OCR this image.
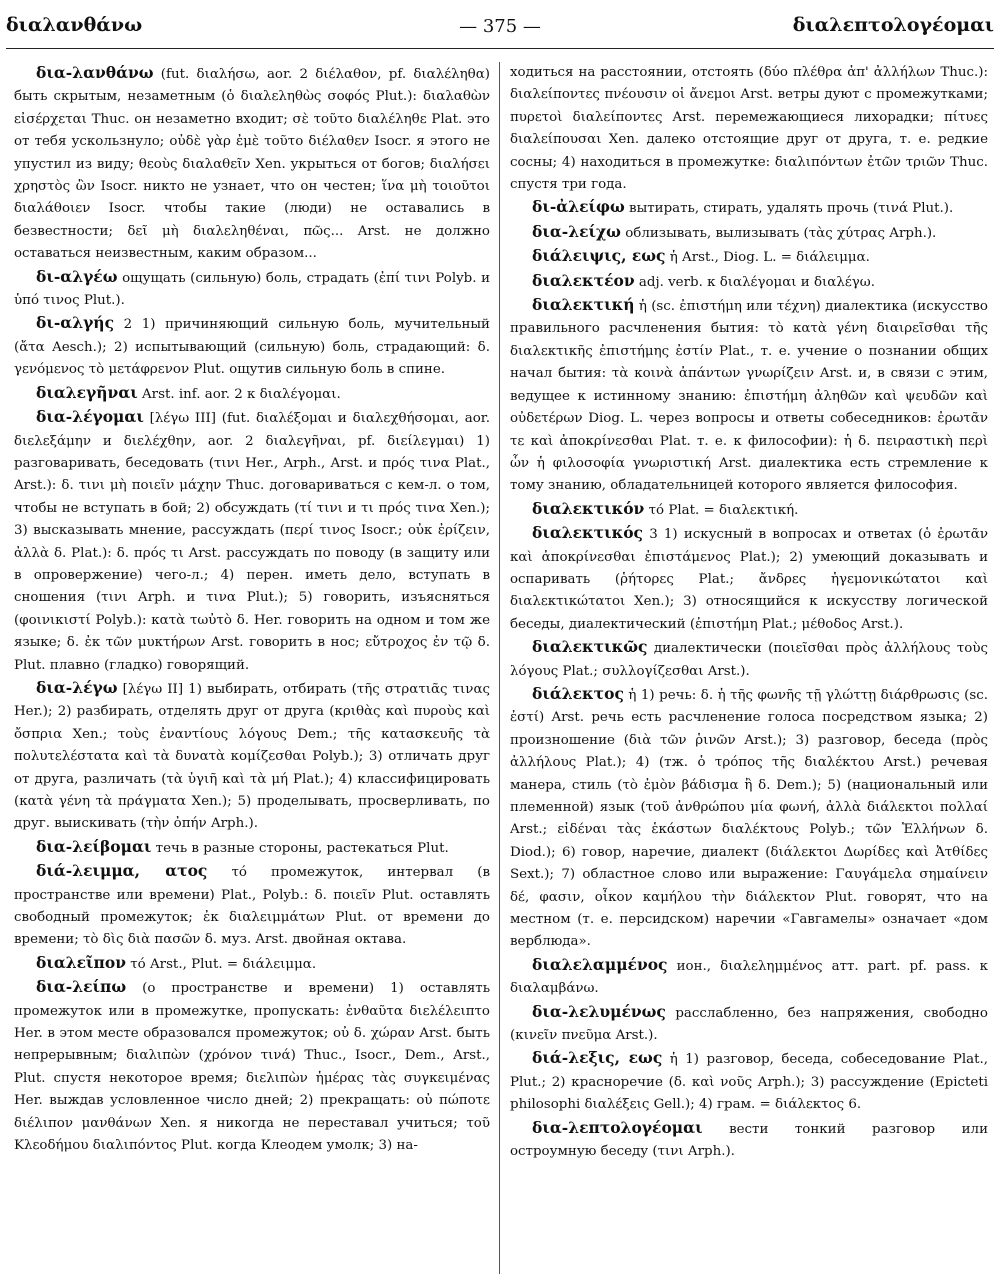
διαλανθάνω	— 375 —	διαλεπτολογέομαι

δια-λανθάνω (fut. διαλήσω, aor. 2 διέλαθον, pf. διαλέληθα) быть скрытым, незаметным (ὁ διαλεληθὼς σοφός Plut.): διαλαθὼν εἰσέρχεται Thuc. он незаметно входит; σὲ τοῦτο διαλέληθε Plat. это от тебя ускользнуло; οὐδὲ γὰρ ἐμὲ τοῦτο διέλαθεν Isocr. я этого не упустил из виду; θεοὺς διαλαθεῖν Xen. укрыться от богов; διαλήσει χρηστὸς ὢν Isocr. никто не узнает, что он честен; ἵνα μὴ τοιοῦτοι διαλάθοιεν Isocr. чтобы такие (люди) не оставались в безвестности; δεῖ μὴ διαλεληθέναι, πῶς... Arst. не должно оставаться неизвестным, каким образом...

δι-αλγέω ощущать (сильную) боль, страдать (ἐπί τινι Polyb. и ὑπό τινος Plut.).

δι-αλγής 2 1) причиняющий сильную боль, мучительный (ἄτα Aesch.); 2) испытывающий (сильную) боль, страдающий: δ. γενόμενος τὸ μετάφρενον Plut. ощутив сильную боль в спине.

διαλεγῆναι Arst. inf. aor. 2 к διαλέγομαι.

δια-λέγομαι [λέγω III] (fut. διαλέξομαι и διαλεχθήσομαι, aor. διελεξάμην и διελέχθην, aor. 2 διαλεγῆναι, pf. διείλεγμαι) 1) разговаривать, беседовать (τινι Her., Arph., Arst. и πρός τινα Plat., Arst.): δ. τινι μὴ ποιεῖν μάχην Thuc. договариваться с кем-л. о том, чтобы не вступать в бой; 2) обсуждать (τί τινι и τι πρός τινα Xen.); 3) высказывать мнение, рассуждать (περί τινος Isocr.; οὐκ ἐρίζειν, ἀλλὰ δ. Plat.): δ. πρός τι Arst. рассуждать по поводу (в защиту или в опровержение) чего-л.; 4) перен. иметь дело, вступать в сношения (τινι Arph. и τινα Plut.); 5) говорить, изъясняться (φοινικιστί Polyb.): κατὰ τωὐτὸ δ. Her. говорить на одном и том же языке; δ. ἐκ τῶν μυκτήρων Arst. говорить в нос; εὔτροχος ἐν τῷ δ. Plut. плавно (гладко) говорящий.

δια-λέγω [λέγω II] 1) выбирать, отбирать (τῆς στρατιᾶς τινας Her.); 2) разбирать, отделять друг от друга (κριθὰς καὶ πυροὺς καὶ ὄσπρια Xen.; τοὺς ἐναντίους λόγους Dem.; τῆς κατασκευῆς τὰ πολυτελέστατα καὶ τὰ δυνατὰ κομίζεσθαι Polyb.); 3) отличать друг от друга, различать (τὰ ὑγιῆ καὶ τὰ μή Plat.); 4) классифицировать (κατὰ γένη τὰ πράγματα Xen.); 5) проделывать, просверливать, по друг. выискивать (τὴν ὀπήν Arph.).

δια-λείβομαι течь в разные стороны, растекаться Plut.

διά-λειμμα, ατος τό промежуток, интервал (в пространстве или времени) Plat., Polyb.: δ. ποιεῖν Plut. оставлять свободный промежуток; ἐκ διαλειμμάτων Plut. от времени до времени; τὸ δὶς διὰ πασῶν δ. муз. Arst. двойная октава.

διαλεῖπον τό Arst., Plut. = διάλειμμα.

δια-λείπω (о пространстве и времени) 1) оставлять промежуток или в промежутке, пропускать: ἐνθαῦτα διελέλειπτο Her. в этом месте образовался промежуток; οὐ δ. χώραν Arst. быть непрерывным; διαλιπὼν (χρόνον τινά) Thuc., Isocr., Dem., Arst., Plut. спустя некоторое время; διελιπὼν ἡμέρας τὰς συγκειμένας Her. выждав условленное число дней; 2) прекращать: οὐ πώποτε διέλιπον μανθάνων Xen. я никогда не переставал учиться; τοῦ Κλεοδήμου διαλιπόντος Plut. когда Клеодем умолк; 3) на-

ходиться на расстоянии, отстоять (δύο πλέθρα ἀπ' ἀλλήλων Thuc.): διαλείποντες πνέουσιν οἱ ἄνεμοι Arst. ветры дуют с промежутками; πυρετοὶ διαλείποντες Arst. перемежающиеся лихорадки; πίτυες διαλείπουσαι Xen. далеко отстоящие друг от друга, т. е. редкие сосны; 4) находиться в промежутке: διαλιπόντων ἐτῶν τριῶν Thuc. спустя три года.

δι-ἀλείφω вытирать, стирать, удалять прочь (τινά Plut.).

δια-λείχω облизывать, вылизывать (τὰς χύτρας Arph.).

διάλειψις, εως ἡ Arst., Diog. L. = διάλειμμα.

διαλεκτέον adj. verb. к διαλέγομαι и διαλέγω.

διαλεκτική ἡ (sc. ἐπιστήμη или τέχνη) диалектика (искусство правильного расчленения бытия: τὸ κατὰ γένη διαιρεῖσθαι τῆς διαλεκτικῆς ἐπιστήμης ἐστίν Plat., т. е. учение о познании общих начал бытия: τὰ κοινὰ ἀπάντων γνωρίζειν Arst. и, в связи с этим, ведущее к истинному знанию: ἐπιστήμη ἀληθῶν καὶ ψευδῶν καὶ οὐδετέρων Diog. L. через вопросы и ответы собеседников: ἐρωτᾶν τε καὶ ἀποκρίνεσθαι Plat. т. е. к философии): ἡ δ. πειραστικὴ περὶ ὧν ἡ φιλοσοφία γνωριστική Arst. диалектика есть стремление к тому знанию, обладательницей которого является философия.

διαλεκτικόν τό Plat. = διαλεκτική.

διαλεκτικός 3 1) искусный в вопросах и ответах (ὁ ἐρωτᾶν καὶ ἀποκρίνεσθαι ἐπιστάμενος Plat.); 2) умеющий доказывать и оспаривать (ῥήτορες Plat.; ἄνδρες ἡγεμονικώτατοι καὶ διαλεκτικώτατοι Xen.); 3) относящийся к искусству логической беседы, диалектический (ἐπιστήμη Plat.; μέθοδος Arst.).

διαλεκτικῶς диалектически (ποιεῖσθαι πρὸς ἀλλήλους τοὺς λόγους Plat.; συλλογίζεσθαι Arst.).

διάλεκτος ἡ 1) речь: δ. ἡ τῆς φωνῆς τῇ γλώττῃ διάρθρωσις (sc. ἐστί) Arst. речь есть расчленение голоса посредством языка; 2) произношение (διὰ τῶν ῥινῶν Arst.); 3) разговор, беседа (πρὸς ἀλλήλους Plat.); 4) (тж. ὁ τρόπος τῆς διαλέκτου Arst.) речевая манера, стиль (τὸ ἐμὸν βάδισμα ἢ δ. Dem.); 5) (национальный или племенной) язык (τοῦ ἀνθρώπου μία φωνή, ἀλλὰ διάλεκτοι πολλαί Arst.; εἰδέναι τὰς ἑκάστων διαλέκτους Polyb.; τῶν Ἑλλήνων δ. Diod.); 6) говор, наречие, диалект (διάλεκτοι Δωρίδες καὶ Ἀτθίδες Sext.); 7) областное слово или выражение: Γαυγάμελα σημαίνειν δέ, φασιν, οἶκον καμήλου τὴν διάλεκτον Plut. говорят, что на местном (т. е. персидском) наречии «Гавгамелы» означает «дом верблюда».

διαλελαμμένος ион., διαλελημμένος атт. part. pf. pass. к διαλαμβάνω.

δια-λελυμένως расслабленно, без напряжения, свободно (κινεῖν πνεῦμα Arst.).

διά-λεξις, εως ἡ 1) разговор, беседа, собеседование Plat., Plut.; 2) красноречие (δ. καὶ νοῦς Arph.); 3) рассуждение (Epicteti philosophi διαλέξεις Gell.); 4) грам. = διάλεκτος 6.

δια-λεπτολογέομαι вести тонкий разговор или остроумную беседу (τινι Arph.).
